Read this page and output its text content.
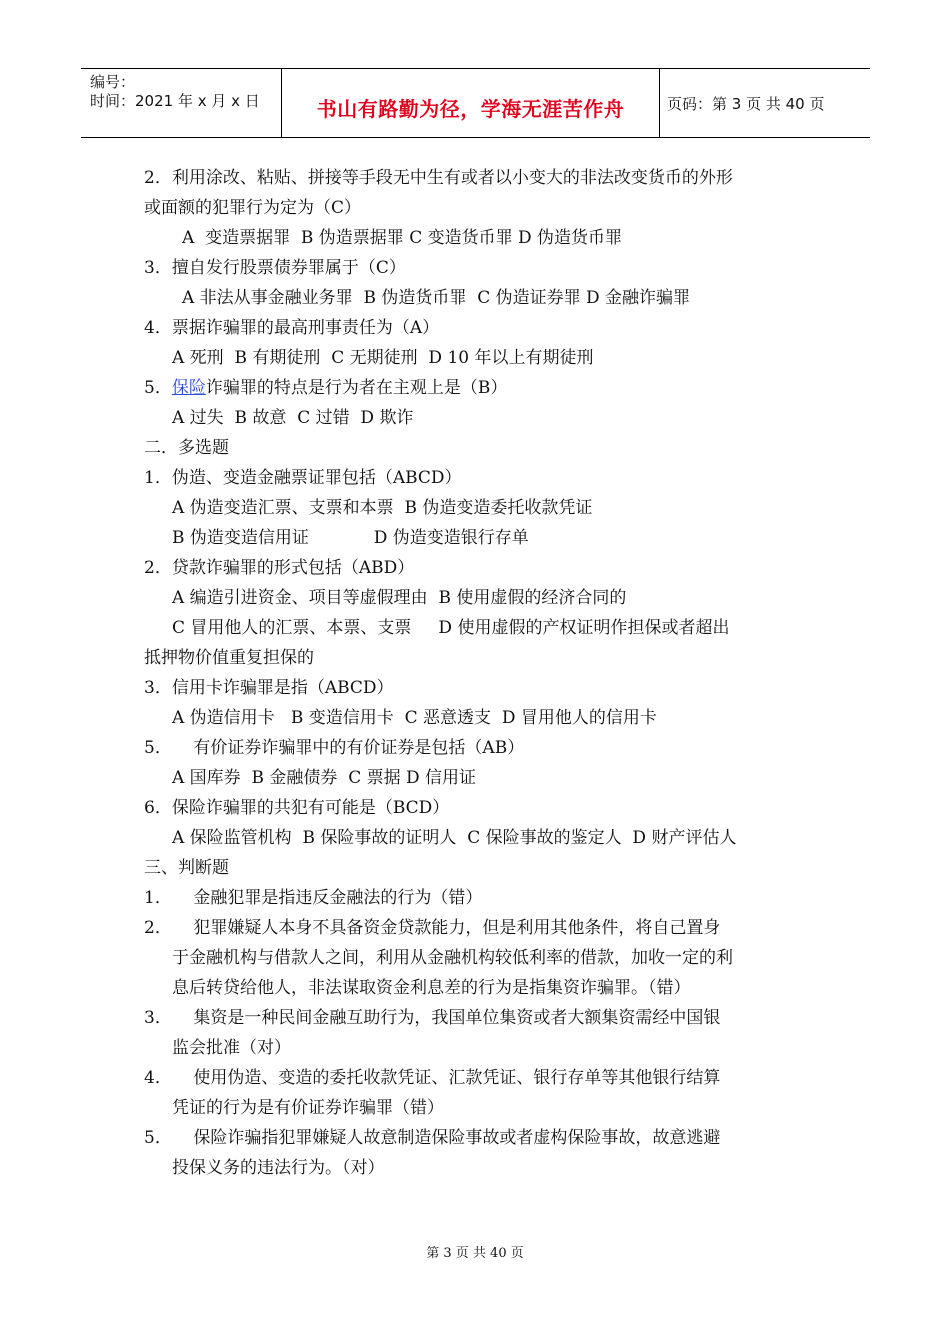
编号：
时间：2021 年 x 月 x 日	书山有路勤为径，学海无涯苦作舟	页码：第 3 页 共 40 页
2．利用涂改、粘贴、拼接等手段无中生有或者以小变大的非法改变货币的外形
或面额的犯罪行为定为（C）
A  变造票据罪  B 伪造票据罪 C 变造货币罪 D 伪造货币罪
3．擅自发行股票债券罪属于（C）
A 非法从事金融业务罪  B 伪造货币罪  C 伪造证券罪 D 金融诈骗罪
4．票据诈骗罪的最高刑事责任为（A）
A 死刑  B 有期徒刑  C 无期徒刑  D 10 年以上有期徒刑
5．保险诈骗罪的特点是行为者在主观上是（B）
A 过失  B 故意  C 过错  D 欺诈
二．多选题
1．伪造、变造金融票证罪包括（ABCD）
A 伪造变造汇票、支票和本票  B 伪造变造委托收款凭证
B 伪造变造信用证            D 伪造变造银行存单
2．贷款诈骗罪的形式包括（ABD）
A 编造引进资金、项目等虚假理由  B 使用虚假的经济合同的
C 冒用他人的汇票、本票、支票     D 使用虚假的产权证明作担保或者超出
抵押物价值重复担保的
3．信用卡诈骗罪是指（ABCD）
A 伪造信用卡   B 变造信用卡  C 恶意透支  D 冒用他人的信用卡
5．    有价证券诈骗罪中的有价证券是包括（AB）
A 国库券  B 金融债券  C 票据 D 信用证
6．保险诈骗罪的共犯有可能是（BCD）
A 保险监管机构  B 保险事故的证明人  C 保险事故的鉴定人  D 财产评估人
三、判断题
1．    金融犯罪是指违反金融法的行为（错）
2．    犯罪嫌疑人本身不具备资金贷款能力，但是利用其他条件，将自己置身
于金融机构与借款人之间，利用从金融机构较低利率的借款，加收一定的利
息后转贷给他人，非法谋取资金利息差的行为是指集资诈骗罪。（错）
3．    集资是一种民间金融互助行为，我国单位集资或者大额集资需经中国银
监会批准（对）
4．    使用伪造、变造的委托收款凭证、汇款凭证、银行存单等其他银行结算
凭证的行为是有价证券诈骗罪（错）
5．    保险诈骗指犯罪嫌疑人故意制造保险事故或者虚构保险事故，故意逃避
投保义务的违法行为。（对）
第 3 页 共 40 页
